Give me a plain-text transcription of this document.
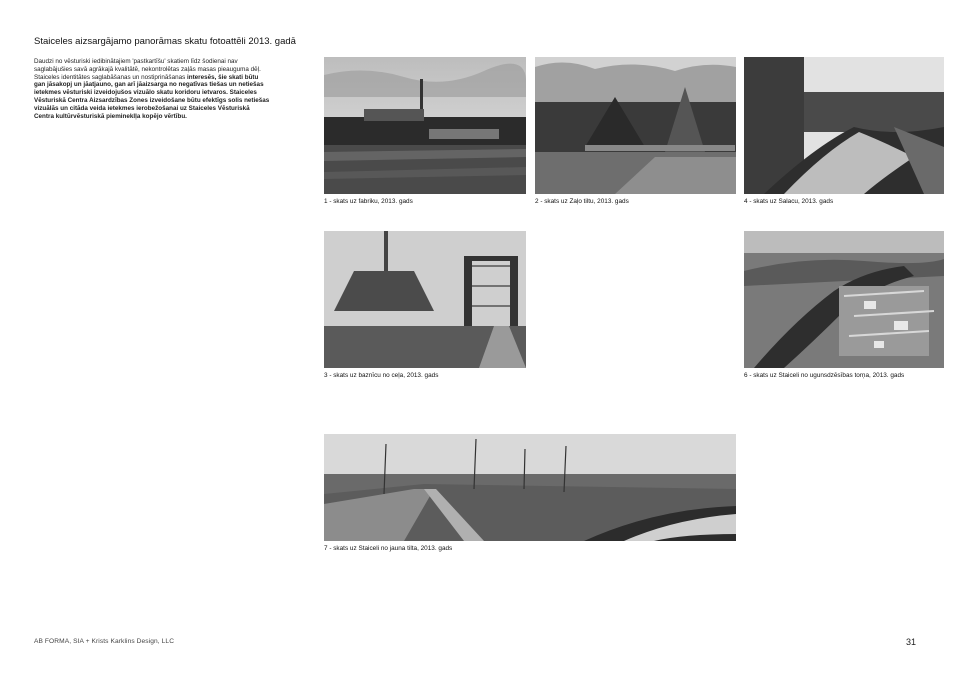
Staiceles aizsargājamo panorāmas skatu fotoattēli 2013. gadā
Daudzi no vēsturiski iedibinātajiem 'pastkartīšu' skatiem līdz šodienai nav saglabājušies savā agrākajā kvalitātē, nekontrolētas zaļās masas pieauguma dēļ. Staiceles identitātes saglabāšanas un nostiprināšanas interesēs, šie skati būtu gan jāsakopj un jāatjauno, gan arī jāaizsarga no negatīvas tiešas un netiešas ietekmes vēsturiski izveidojušos vizuālo skatu koridoru ietvaros. Staiceles Vēsturiskā Centra Aizsardzības Zones izveidošane būtu efektīgs solis netiešas vizuālās un citāda veida ietekmes ierobežošanai uz Staiceles Vēsturiskā Centra kultūrvēsturiskā piemineklļa kopējo vērtību.
1 - skats uz fabriku, 2013. gads	2 - skats uz Zaļo tiltu, 2013. gads	4 - skats uz Salacu, 2013. gads
3 - skats uz baznīcu no ceļa, 2013. gads	6 - skats uz Staiceli no ugunsdzēsības torņa, 2013. gads
7 - skats uz Staiceli no jauna tilta, 2013. gads
AB FORMA, SIA + Krists Karklins Design, LLC	31
